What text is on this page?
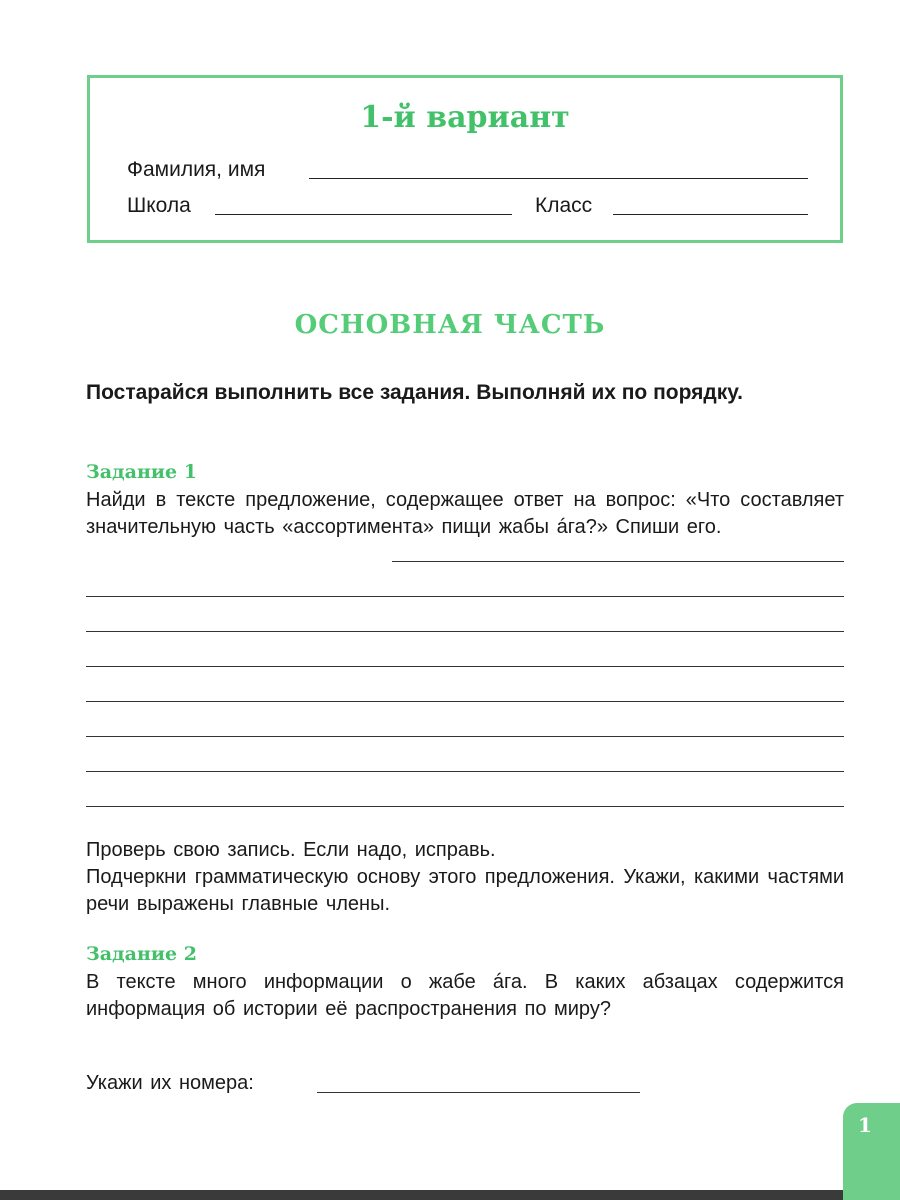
1-й вариант
Фамилия, имя
Школа	Класс
ОСНОВНАЯ ЧАСТЬ
Постарайся выполнить все задания. Выполняй их по порядку.
Задание 1
Найди в тексте предложение, содержащее ответ на вопрос: «Что составляет значительную часть «ассортимента» пищи жабы áга?» Спиши его.
Проверь свою запись. Если надо, исправь.
Подчеркни грамматическую основу этого предложения. Укажи, какими частями речи выражены главные члены.
Задание 2
В тексте много информации о жабе áга. В каких абзацах содержится информация об истории её распространения по миру?
Укажи их номера:
1
